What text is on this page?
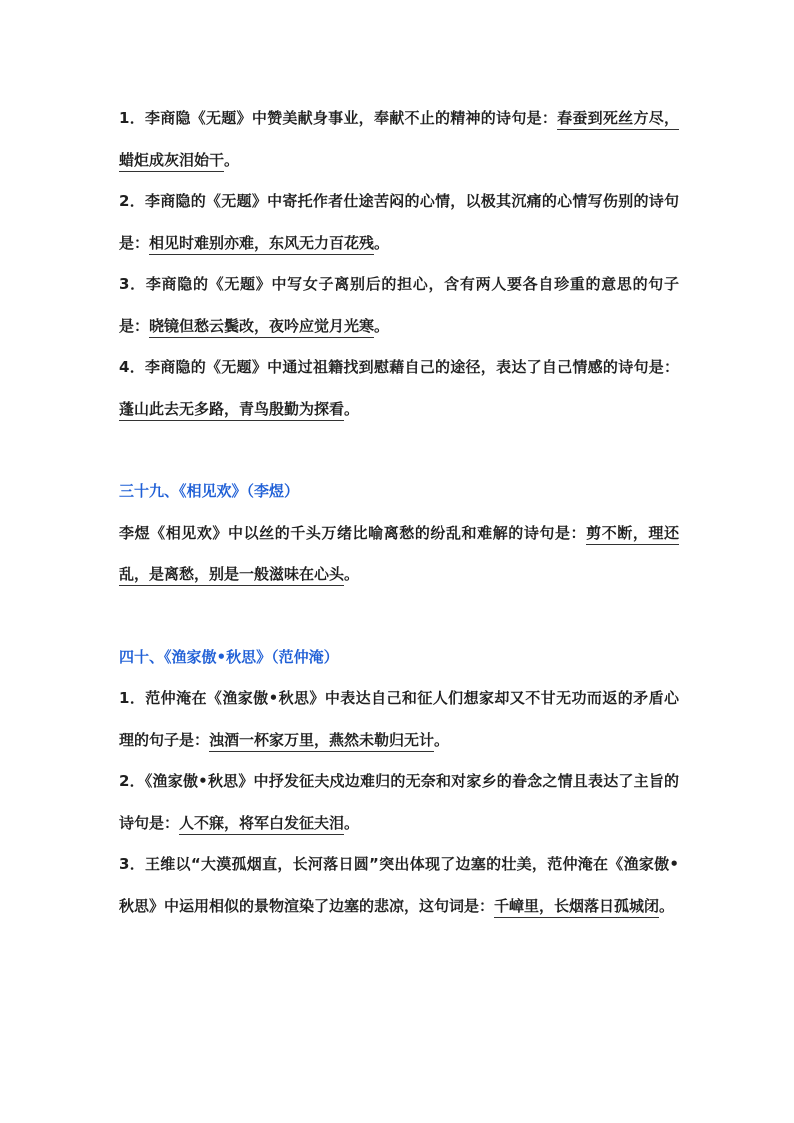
1．李商隐《无题》中赞美献身事业，奉献不止的精神的诗句是：春蚕到死丝方尽，蜡炬成灰泪始干。

2．李商隐的《无题》中寄托作者仕途苦闷的心情，以极其沉痛的心情写伤别的诗句是：相见时难别亦难，东风无力百花残。

3．李商隐的《无题》中写女子离别后的担心，含有两人要各自珍重的意思的句子是：晓镜但愁云鬓改，夜吟应觉月光寒。

4．李商隐的《无题》中通过祖籍找到慰藉自己的途径，表达了自己情感的诗句是：蓬山此去无多路，青鸟殷勤为探看。

三十九、《相见欢》（李煜）

李煜《相见欢》中以丝的千头万绪比喻离愁的纷乱和难解的诗句是：剪不断，理还乱，是离愁，别是一般滋味在心头。

四十、《渔家傲•秋思》（范仲淹）

1．范仲淹在《渔家傲•秋思》中表达自己和征人们想家却又不甘无功而返的矛盾心理的句子是：浊酒一杯家万里，燕然未勒归无计。

2．《渔家傲•秋思》中抒发征夫戍边难归的无奈和对家乡的眷念之情且表达了主旨的诗句是：人不寐，将军白发征夫泪。

3．王维以“大漠孤烟直，长河落日圆”突出体现了边塞的壮美，范仲淹在《渔家傲•秋思》中运用相似的景物渲染了边塞的悲凉，这句词是：千嶂里，长烟落日孤城闭。
